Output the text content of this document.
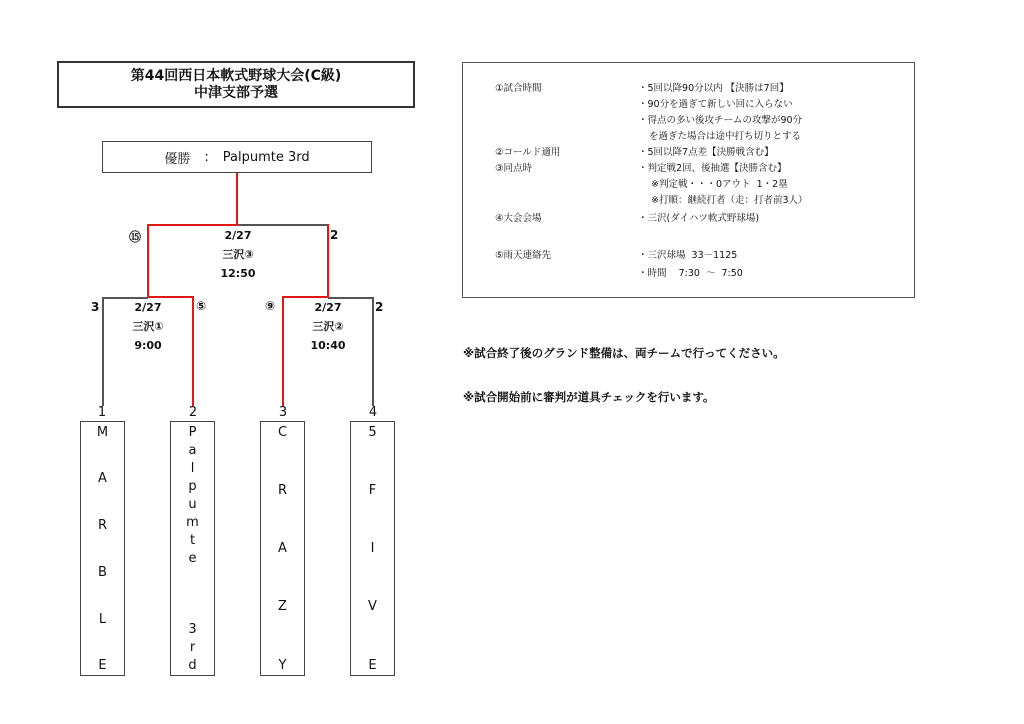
第44回西日本軟式野球大会(C級)
中津支部予選
優勝 : Palpumte 3rd
⑮	2
2/27
三沢③
12:50
3	⑤
2/27
三沢①
9:00
⑨	2
2/27
三沢②
10:40
1	2	3	4
M
A
R
B
L
E
P
a
l
p
u
m
t
e
3
r
d
C
R
A
Z
Y
5
F
I
V
E
①試合時間	・5回以降90分以内 【決勝は7回】
・90分を過ぎて新しい回に入らない
・得点の多い後攻チームの攻撃が90分
を過ぎた場合は途中打ち切りとする
②コールド適用	・5回以降7点差【決勝戦含む】
③同点時	・判定戦2回、後抽選【決勝含む】
※判定戦・・・0アウト  1・2塁
※打順：継続打者（走：打者前3人）
④大会会場	・三沢(ダイハツ軟式野球場)
⑤雨天連絡先	・三沢球場  33－1125
・時間    7:30  ～  7:50
※試合終了後のグランド整備は、両チームで行ってください。
※試合開始前に審判が道具チェックを行います。
